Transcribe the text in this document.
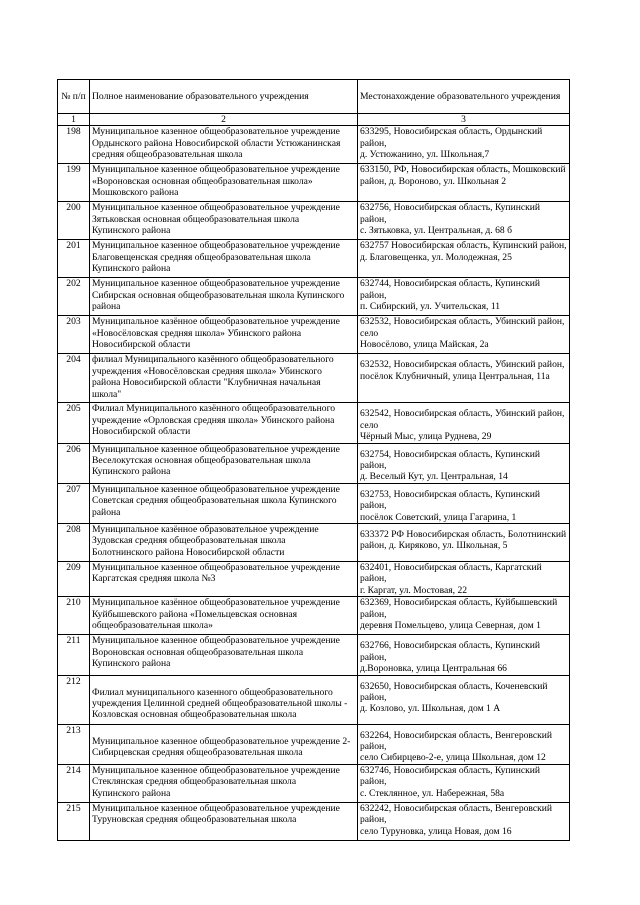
№ п/п	Полное наименование образовательного учреждения	Местонахождение образовательного учреждения
1	2	3
198	Муниципальное казенное общеобразовательное учреждение
Ордынского района Новосибирской области Устюжанинская
средняя общеобразовательная школа	633295, Новосибирская область, Ордынский район,
д. Устюжанино, ул. Школьная,7

199	Муниципальное казенное общеобразовательное учреждение
«Вороновская основная общеобразовательная школа»
Мошковского района	633150, РФ, Новосибирская область, Мошковский
район, д. Вороново, ул. Школьная 2

200	Муниципальное казенное общеобразовательное учреждение
Зятьковская основная общеобразовательная школа
Купинского района	632756, Новосибирская область, Купинский район,
с. Зятьковка, ул. Центральная, д. 68 б

201	Муниципальное казенное общеобразовательное учреждение
Благовещенская средняя общеобразовательная школа
Купинского района	632757 Новосибирская область, Купинский район,
д. Благовещенка, ул. Молодежная, 25

202	Муниципальное казенное общеобразовательное учреждение
Сибирская основная общеобразовательная школа Купинского
района	632744, Новосибирская область, Купинский район,
п. Сибирский, ул. Учительская, 11

203	Муниципальное казённое общеобразовательное учреждение
«Новосёловская средняя школа» Убинского района
Новосибирской области	632532, Новосибирская область, Убинский район, село
Новосёлово, улица Майская, 2а

204	филиал Муниципального казённого общеобразовательного
учреждения «Новосёловская средняя школа» Убинского
района Новосибирской области "Клубничная начальная
школа"	632532, Новосибирская область, Убинский район,
посёлок Клубничный, улица Центральная, 11а

205	Филиал Муниципального казённого общеобразовательного
учреждение «Орловская средняя школа» Убинского района
Новосибирской области	632542, Новосибирская область, Убинский район, село
Чёрный Мыс, улица Руднева, 29

206	Муниципальное казенное общеобразовательное учреждение
Веселокутская основная общеобразовательная школа
Купинского района	632754, Новосибирская область, Купинский район,
д. Веселый Кут, ул. Центральная, 14

207	Муниципальное казенное общеобразовательное учреждение
Советская средняя общеобразовательная школа Купинского
района	632753, Новосибирская область, Купинский район,
посёлок Советский, улица Гагарина, 1

208	Муниципальное казённое образовательное учреждение
Зудовская средняя общеобразовательная школа
Болотнинского района Новосибирской области	633372 РФ Новосибирская область, Болотнинский
район, д. Киряково, ул. Школьная, 5

209	Муниципальное казенное общеобразовательное учреждение
Каргатская средняя школа №3	632401, Новосибирская область, Каргатский район,
г. Каргат, ул. Мостовая, 22

210	Муниципальное казённое общеобразовательное учреждение
Куйбышевского района «Помельцевская основная
общеобразовательная школа»	632369, Новосибирская область, Куйбышевский район,
деревня Помельцево, улица Северная, дом 1

211	Муниципальное казенное общеобразовательное учреждение
Вороновская основная общеобразовательная школа
Купинского района	632766, Новосибирская область, Купинский район,
д.Вороновка, улица Центральная 66

212	Филиал муниципального казенного общеобразовательного
учреждения Целинной средней общеобразовательной школы -
Козловская основная общеобразовательная школа	632650, Новосибирская область, Коченевский район,
д. Козлово, ул. Школьная, дом 1 А

213	Муниципальное казенное общеобразовательное учреждение 2-
Сибирцевская средняя общеобразовательная школа	632264, Новосибирская область, Венгеровский район,
село Сибирцево-2-е, улица Школьная, дом 12

214	Муниципальное казенное общеобразовательное учреждение
Стеклянская средняя общеобразовательная школа
Купинского района	632746, Новосибирская область, Купинский район,
с. Стеклянное, ул. Набережная, 58а

215	Муниципальное казенное общеобразовательное учреждение
Туруновская средняя общеобразовательная школа	632242, Новосибирская область, Венгеровский район,
село Туруновка, улица Новая, дом 16
